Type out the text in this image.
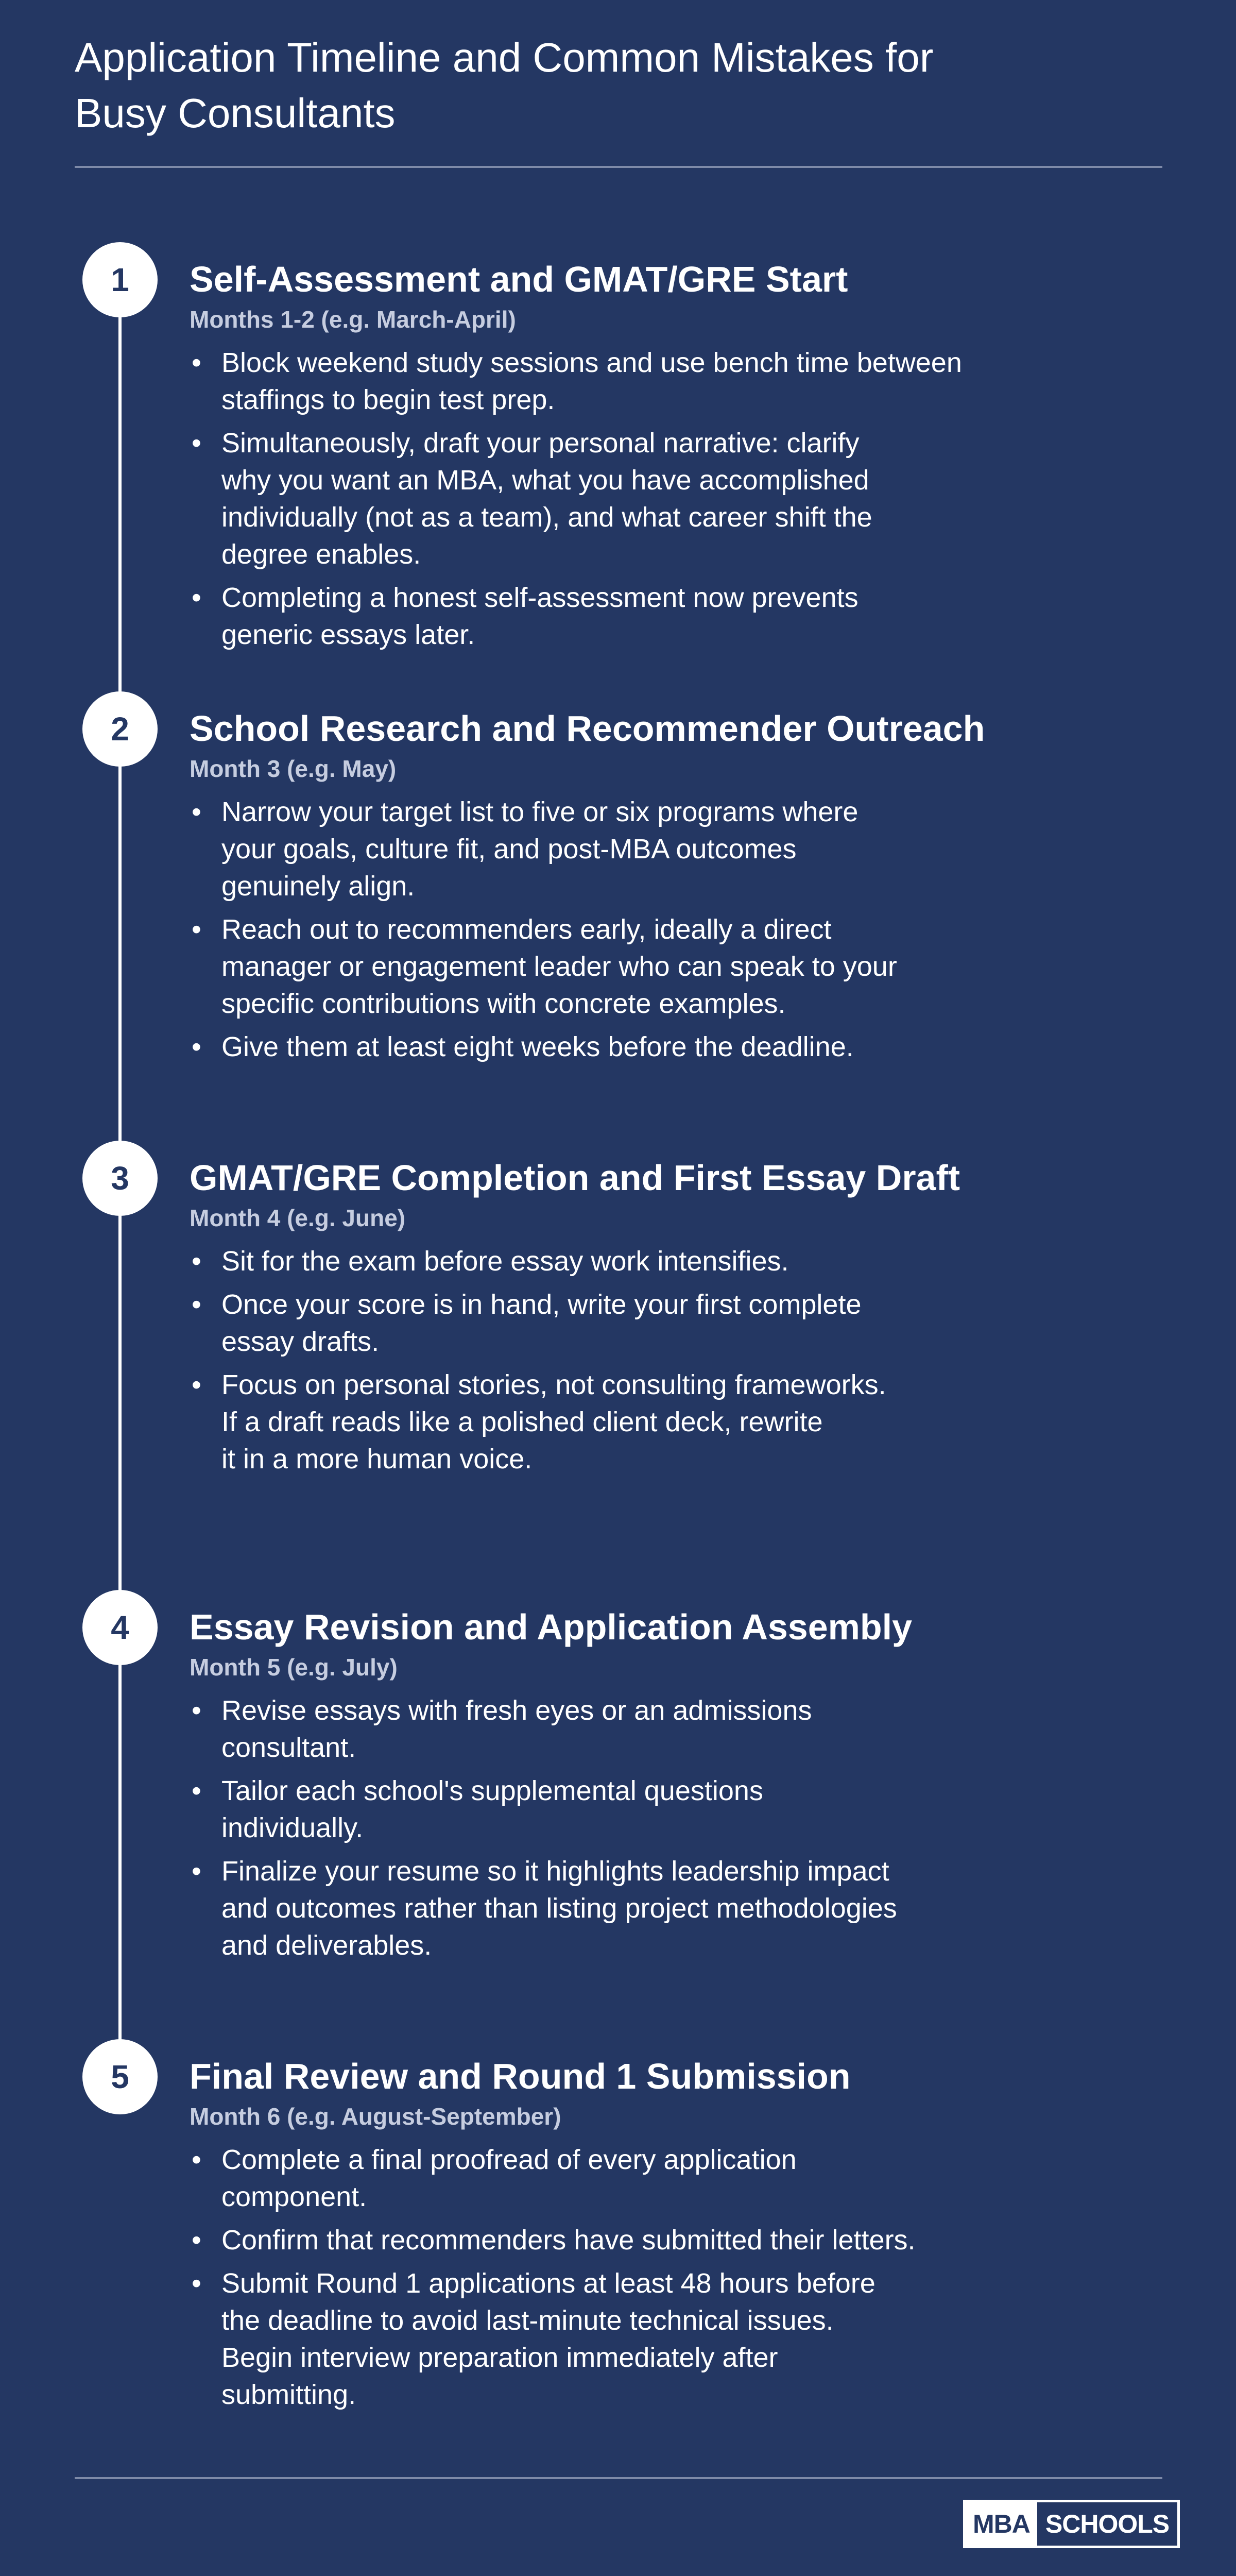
Application Timeline and Common Mistakes for
Busy Consultants
1	Self-Assessment and GMAT/GRE Start
Months 1-2 (e.g. March-April)
• Block weekend study sessions and use bench time between
staffings to begin test prep.
• Simultaneously, draft your personal narrative: clarify
why you want an MBA, what you have accomplished
individually (not as a team), and what career shift the
degree enables.
• Completing a honest self-assessment now prevents
generic essays later.
2	School Research and Recommender Outreach
Month 3 (e.g. May)
• Narrow your target list to five or six programs where
your goals, culture fit, and post-MBA outcomes
genuinely align.
• Reach out to recommenders early, ideally a direct
manager or engagement leader who can speak to your
specific contributions with concrete examples.
• Give them at least eight weeks before the deadline.
3	GMAT/GRE Completion and First Essay Draft
Month 4 (e.g. June)
• Sit for the exam before essay work intensifies.
• Once your score is in hand, write your first complete
essay drafts.
• Focus on personal stories, not consulting frameworks.
If a draft reads like a polished client deck, rewrite
it in a more human voice.
4	Essay Revision and Application Assembly
Month 5 (e.g. July)
• Revise essays with fresh eyes or an admissions
consultant.
• Tailor each school's supplemental questions
individually.
• Finalize your resume so it highlights leadership impact
and outcomes rather than listing project methodologies
and deliverables.
5	Final Review and Round 1 Submission
Month 6 (e.g. August-September)
• Complete a final proofread of every application
component.
• Confirm that recommenders have submitted their letters.
• Submit Round 1 applications at least 48 hours before
the deadline to avoid last-minute technical issues.
Begin interview preparation immediately after
submitting.
MBA SCHOOLS
